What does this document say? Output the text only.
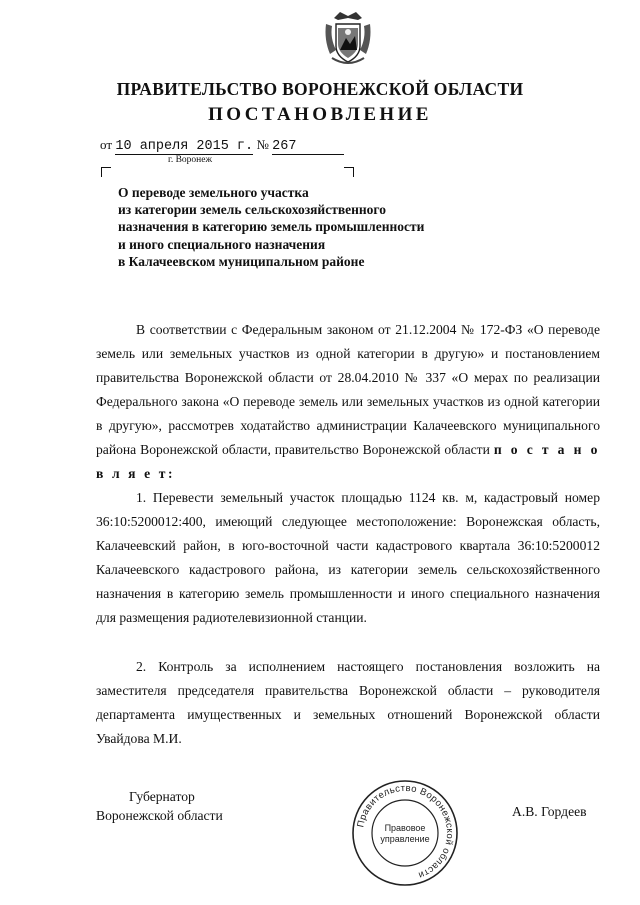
ПРАВИТЕЛЬСТВО ВОРОНЕЖСКОЙ ОБЛАСТИ
ПОСТАНОВЛЕНИЕ
от 10 апреля 2015 г. № 267
г. Воронеж
О переводе земельного участка
из категории земель сельскохозяйственного
назначения в категорию земель промышленности
и иного специального назначения
в Калачеевском муниципальном районе

В соответствии с Федеральным законом от 21.12.2004 № 172-ФЗ «О переводе земель или земельных участков из одной категории в другую» и постановлением правительства Воронежской области от 28.04.2010 № 337 «О мерах по реализации Федерального закона «О переводе земель или земельных участков из одной категории в другую», рассмотрев ходатайство администрации Калачеевского муниципального района Воронежской области, правительство Воронежской области п о с т а н о в л я е т:

1. Перевести земельный участок площадью 1124 кв. м, кадастровый номер 36:10:5200012:400, имеющий следующее местоположение: Воронежская область, Калачеевский район, в юго-восточной части кадастрового квартала 36:10:5200012 Калачеевского кадастрового района, из категории земель сельскохозяйственного назначения в категорию земель промышленности и иного специального назначения для размещения радиотелевизионной станции.

2. Контроль за исполнением настоящего постановления возложить на заместителя председателя правительства Воронежской области – руководителя департамента имущественных и земельных отношений Воронежской области Увайдова М.И.

Губернатор
Воронежской области	А.В. Гордеев
Правительство Воронежской области
Правовое
управление
